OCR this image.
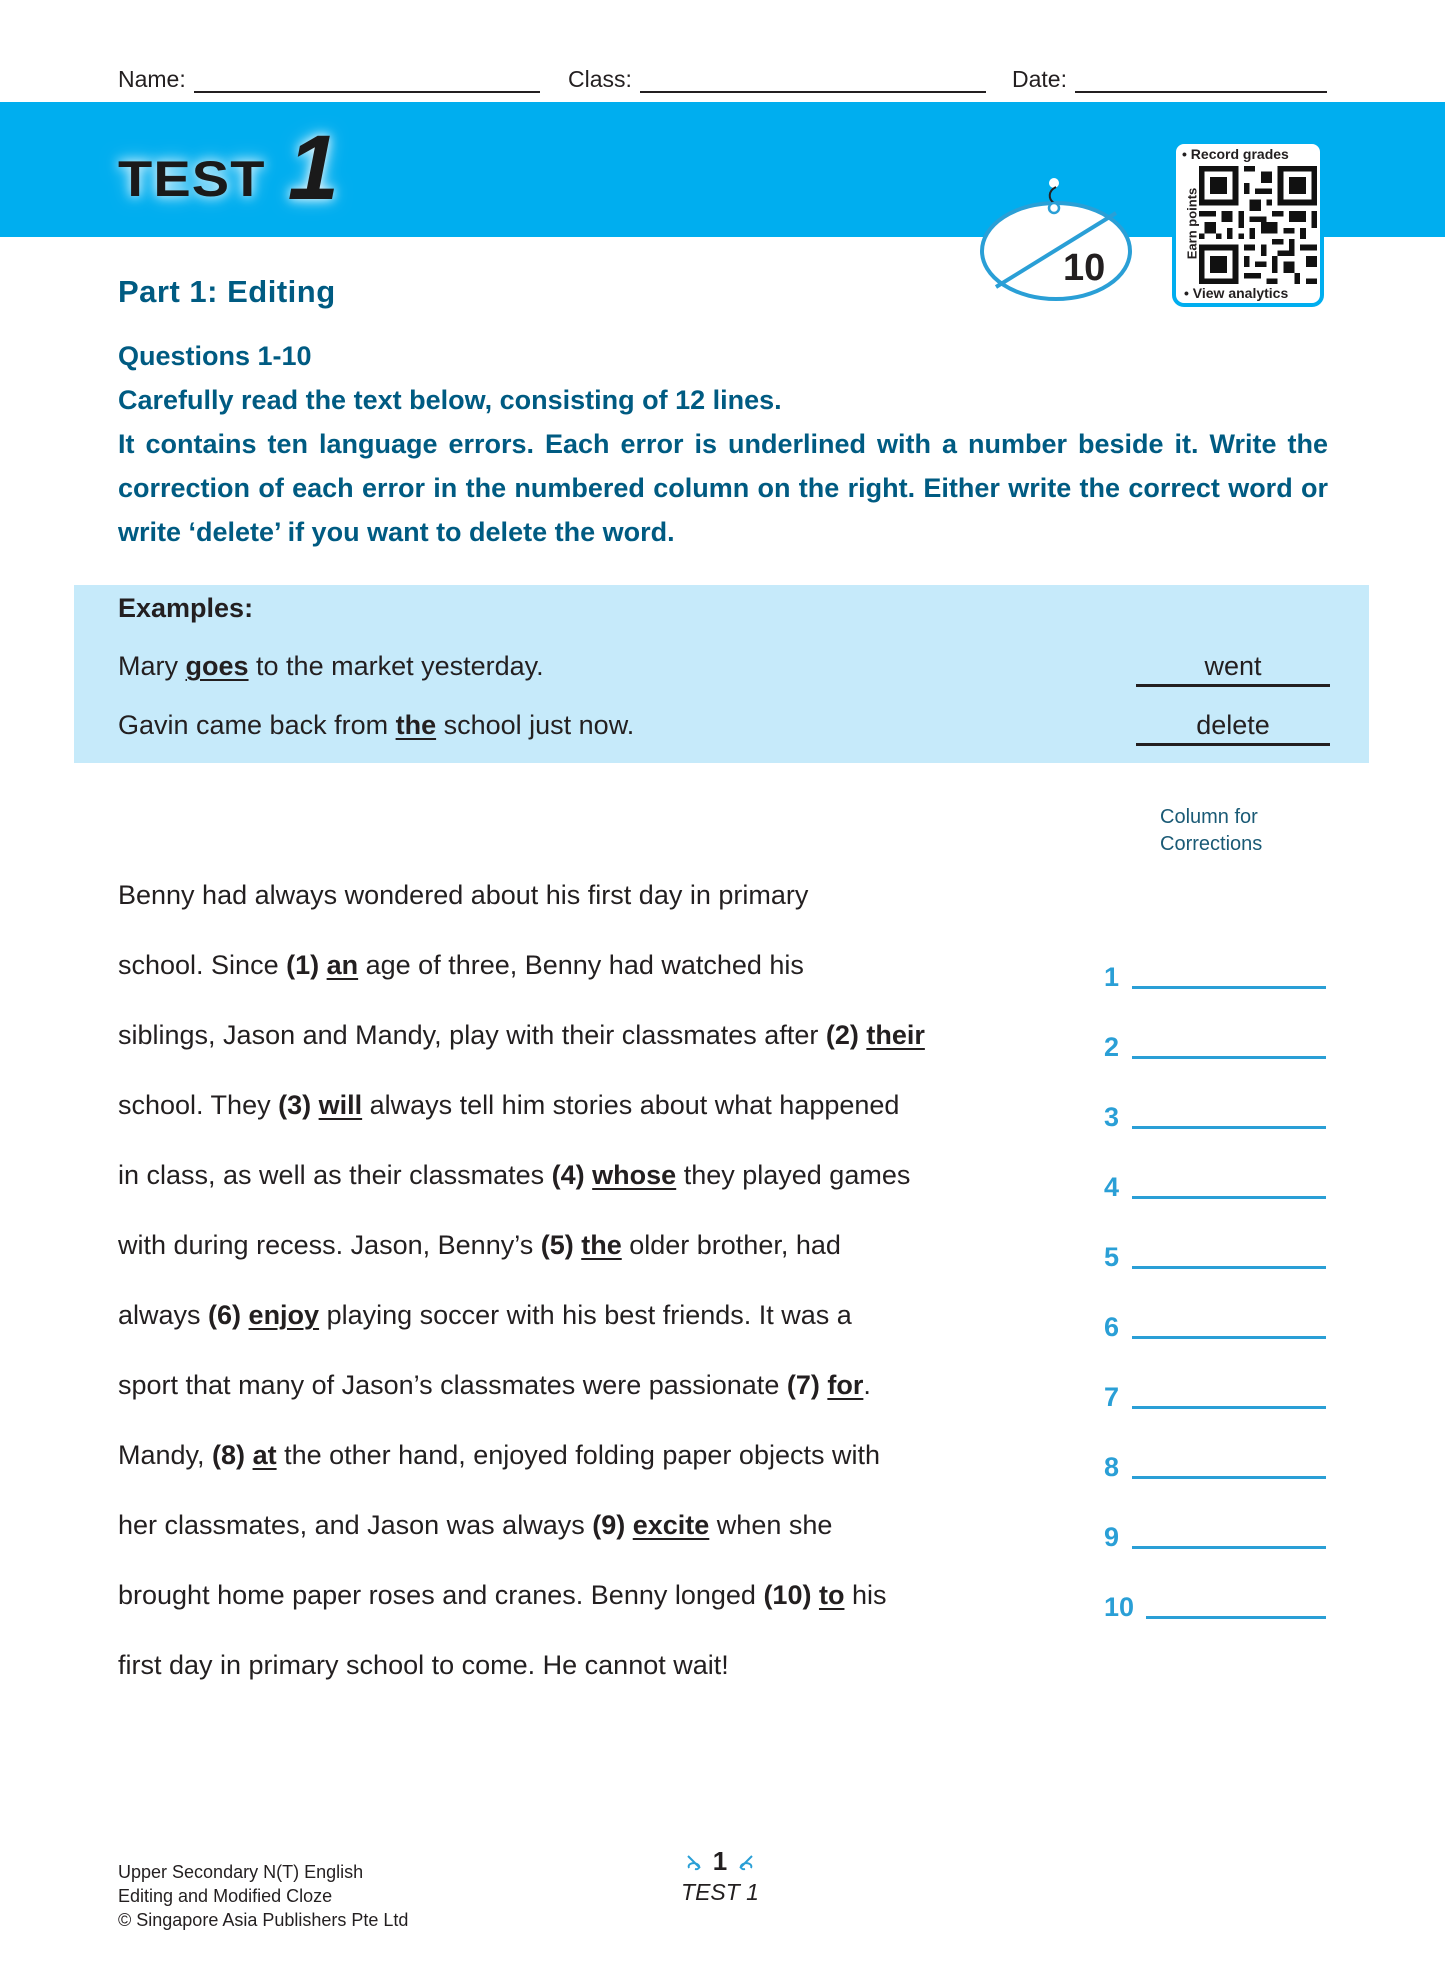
Name:	Class:	Date:
TEST 1
10
• Record grades
Earn points
• View analytics
Part 1: Editing

Questions 1-10

Carefully read the text below, consisting of 12 lines.

It contains ten language errors. Each error is underlined with a number beside it. Write the correction of each error in the numbered column on the right. Either write the correct word or write ‘delete’ if you want to delete the word.

Examples:
Mary goes to the market yesterday.	went
Gavin came back from the school just now.	delete
Column for
Corrections
Benny had always wondered about his first day in primary
school. Since (1) an age of three, Benny had watched his
siblings, Jason and Mandy, play with their classmates after (2) their
school. They (3) will always tell him stories about what happened
in class, as well as their classmates (4) whose they played games
with during recess. Jason, Benny’s (5) the older brother, had
always (6) enjoy playing soccer with his best friends. It was a
sport that many of Jason’s classmates were passionate (7) for.
Mandy, (8) at the other hand, enjoyed folding paper objects with
her classmates, and Jason was always (9) excite when she
brought home paper roses and cranes. Benny longed (10) to his
first day in primary school to come. He cannot wait!
1
2
3
4
5
6
7
8
9
10
Upper Secondary N(T) English
Editing and Modified Cloze
© Singapore Asia Publishers Pte Ltd
1
TEST 1
